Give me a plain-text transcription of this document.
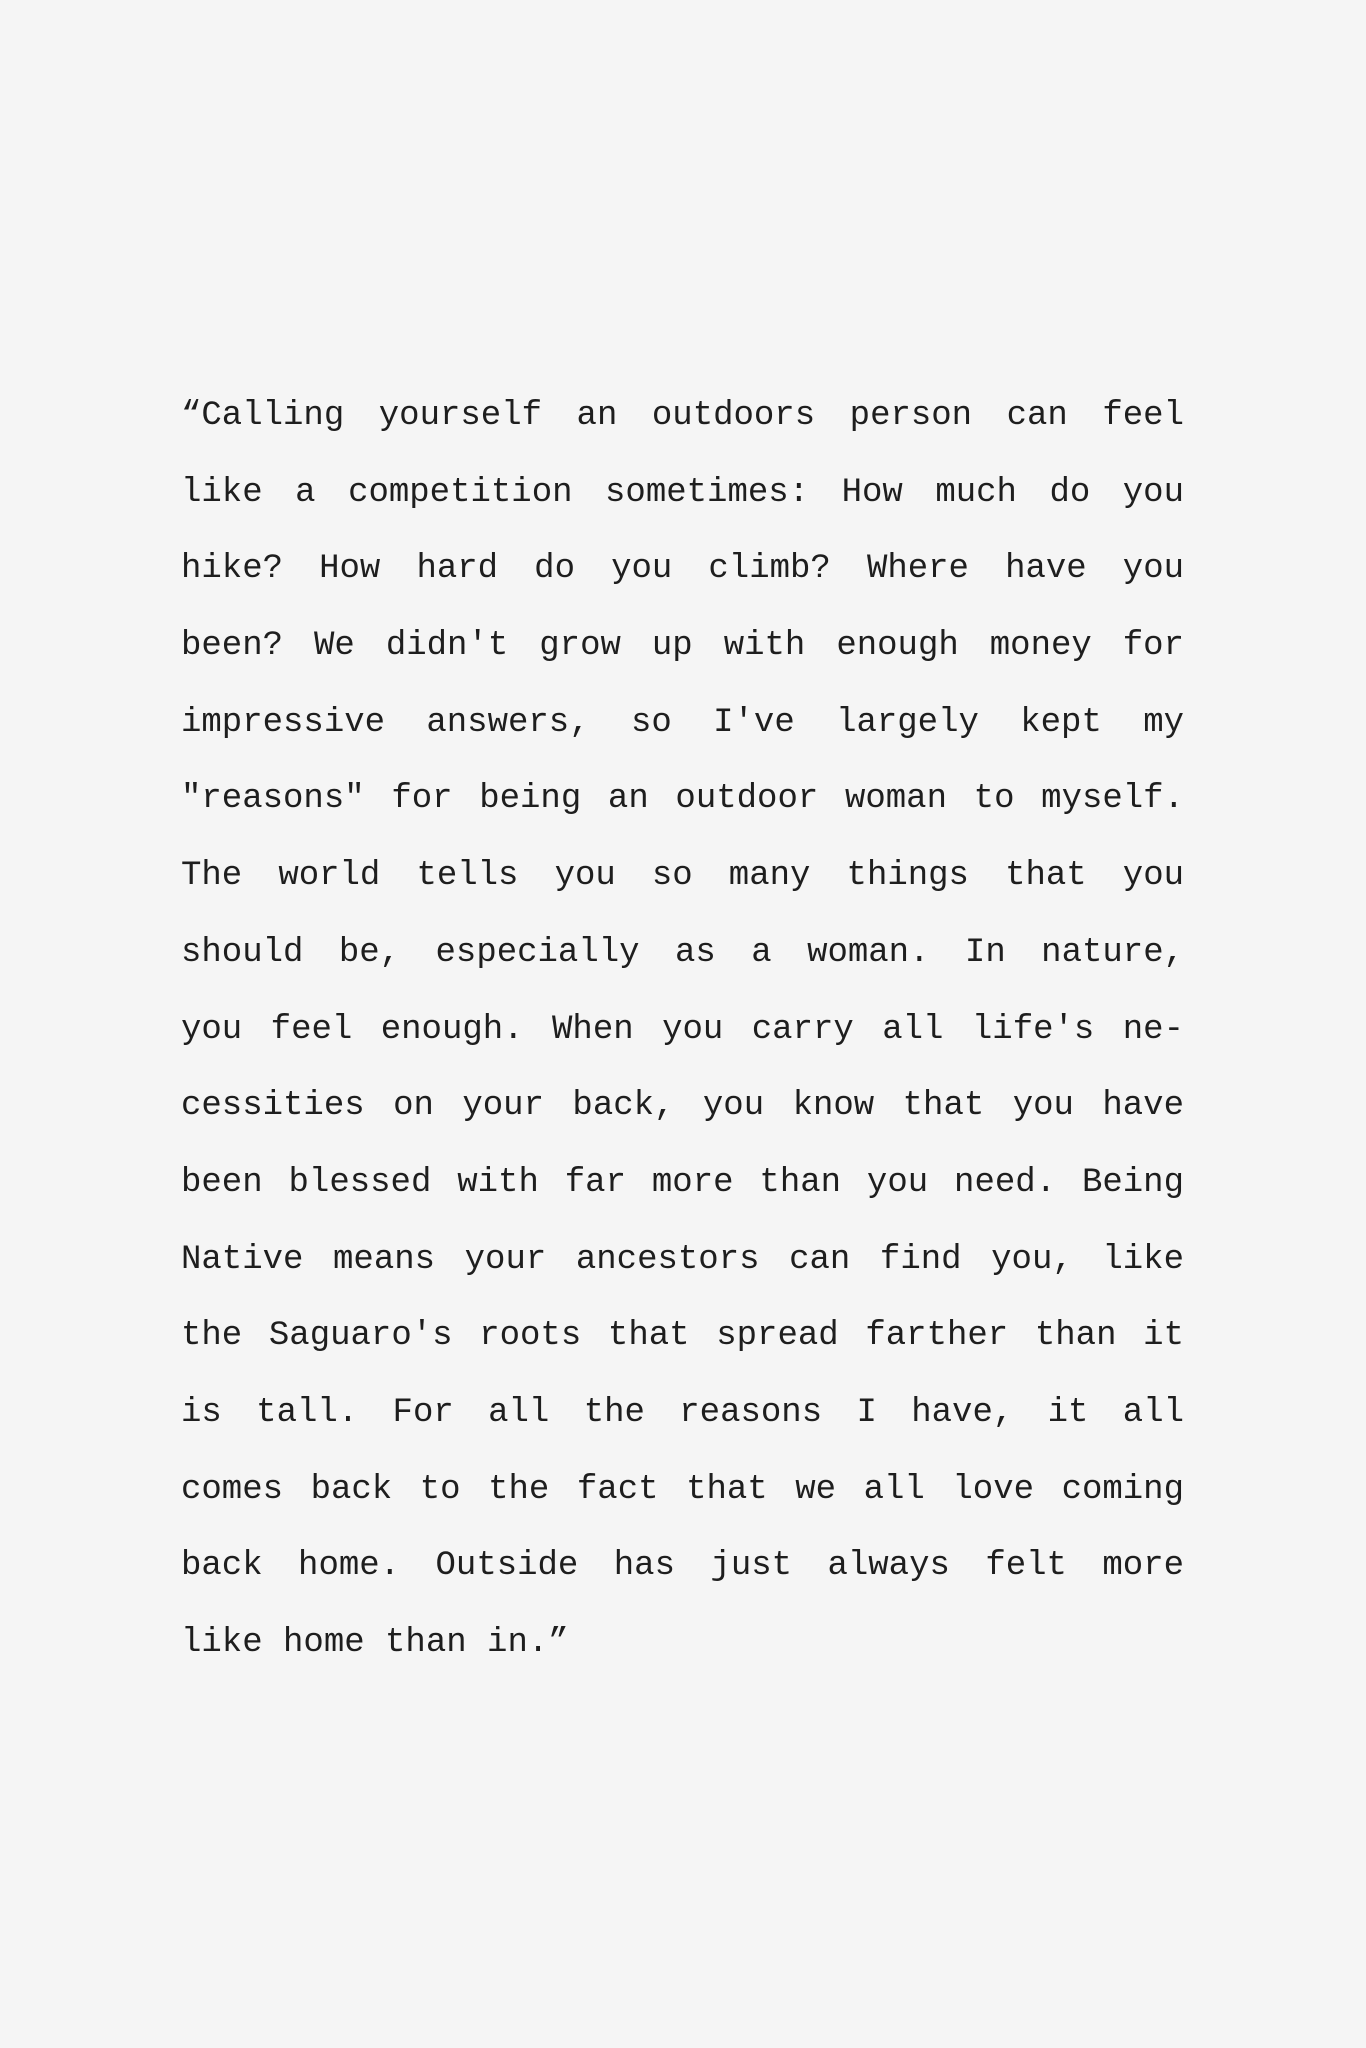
“Calling yourself an outdoors person can feel
like a competition sometimes: How much do you
hike? How hard do you climb? Where have you
been? We didn't grow up with enough money for
impressive answers, so I've largely kept my
"reasons" for being an outdoor woman to myself.
The world tells you so many things that you
should be, especially as a woman. In nature,
you feel enough. When you carry all life's ne-
cessities on your back, you know that you have
been blessed with far more than you need. Being
Native means your ancestors can find you, like
the Saguaro's roots that spread farther than it
is tall. For all the reasons I have, it all
comes back to the fact that we all love coming
back home. Outside has just always felt more
like home than in.”
